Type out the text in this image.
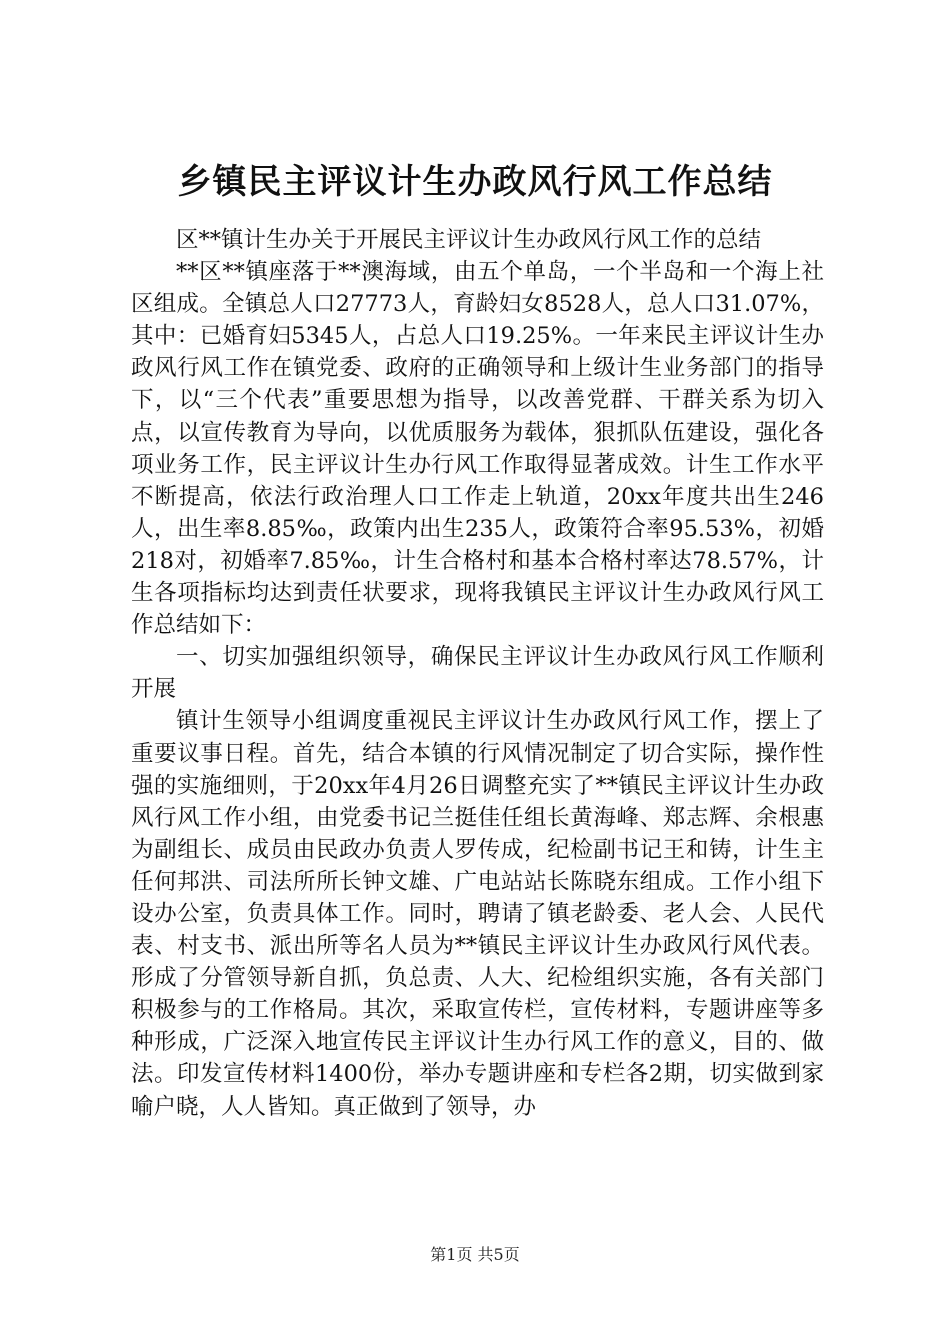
乡镇民主评议计生办政风行风工作总结

区**镇计生办关于开展民主评议计生办政风行风工作的总结

**区**镇座落于**澳海域，由五个单岛，一个半岛和一个海上社区组成。全镇总人口27773人，育龄妇女8528人，总人口31.07%，其中：已婚育妇5345人，占总人口19.25%。一年来民主评议计生办政风行风工作在镇党委、政府的正确领导和上级计生业务部门的指导下，以“三个代表”重要思想为指导，以改善党群、干群关系为切入点，以宣传教育为导向，以优质服务为载体，狠抓队伍建设，强化各项业务工作，民主评议计生办行风工作取得显著成效。计生工作水平不断提高，依法行政治理人口工作走上轨道，20xx年度共出生246人，出生率8.85‰，政策内出生235人，政策符合率95.53%，初婚218对，初婚率7.85‰，计生合格村和基本合格村率达78.57%，计生各项指标均达到责任状要求，现将我镇民主评议计生办政风行风工作总结如下：

一、切实加强组织领导，确保民主评议计生办政风行风工作顺利开展

镇计生领导小组调度重视民主评议计生办政风行风工作，摆上了重要议事日程。首先，结合本镇的行风情况制定了切合实际，操作性强的实施细则，于20xx年4月26日调整充实了**镇民主评议计生办政风行风工作小组，由党委书记兰挺佳任组长黄海峰、郑志辉、余根惠为副组长、成员由民政办负责人罗传成，纪检副书记王和铸，计生主任何邦洪、司法所所长钟文雄、广电站站长陈晓东组成。工作小组下设办公室，负责具体工作。同时，聘请了镇老龄委、老人会、人民代表、村支书、派出所等名人员为**镇民主评议计生办政风行风代表。形成了分管领导新自抓，负总责、人大、纪检组织实施，各有关部门积极参与的工作格局。其次，采取宣传栏，宣传材料，专题讲座等多种形成，广泛深入地宣传民主评议计生办行风工作的意义，目的、做法。印发宣传材料1400份，举办专题讲座和专栏各2期，切实做到家喻户晓，人人皆知。真正做到了领导，办

第1页 共5页
